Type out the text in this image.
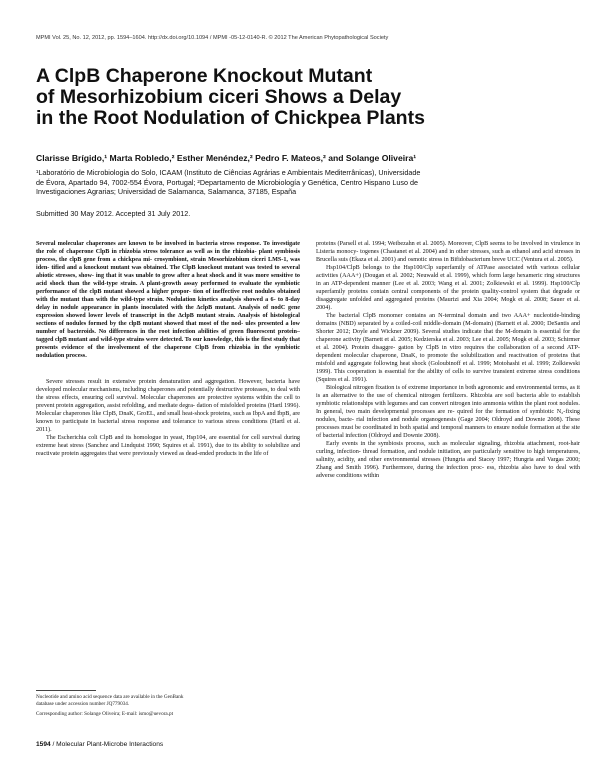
MPMI Vol. 25, No. 12, 2012, pp. 1594–1604. http://dx.doi.org/10.1094 / MPMI -05-12-0140-R. © 2012 The American Phytopathological Society
A ClpB Chaperone Knockout Mutant
of Mesorhizobium ciceri Shows a Delay
in the Root Nodulation of Chickpea Plants
Clarisse Brígido,¹ Marta Robledo,² Esther Menéndez,² Pedro F. Mateos,² and Solange Oliveira¹
¹Laboratório de Microbiologia do Solo, ICAAM (Instituto de Ciências Agrárias e Ambientais Mediterrânicas), Universidade
de Évora, Apartado 94, 7002-554 Évora, Portugal; ²Departamento de Microbiología y Genética, Centro Hispano Luso de
Investigaciones Agrarias; Universidad de Salamanca, Salamanca, 37185, España
Submitted 30 May 2012. Accepted 31 July 2012.

Several molecular chaperones are known to be involved in bacteria stress response. To investigate the role of chaperone ClpB in rhizobia stress tolerance as well as in the rhizobia- plant symbiosis process, the clpB gene from a chickpea mi- crosymbiont, strain Mesorhizobium ciceri LMS-1, was iden- tified and a knockout mutant was obtained. The ClpB knockout mutant was tested to several abiotic stresses, show- ing that it was unable to grow after a heat shock and it was more sensitive to acid shock than the wild-type strain. A plant-growth assay performed to evaluate the symbiotic performance of the clpB mutant showed a higher propor- tion of ineffective root nodules obtained with the mutant than with the wild-type strain. Nodulation kinetics analysis showed a 6- to 8-day delay in nodule appearance in plants inoculated with the ΔclpB mutant. Analysis of nodC gene expression showed lower levels of transcript in the ΔclpB mutant strain. Analysis of histological sections of nodules formed by the clpB mutant showed that most of the nod- ules presented a low number of bacteroids. No differences in the root infection abilities of green fluorescent protein– tagged clpB mutant and wild-type strains were detected. To our knowledge, this is the first study that presents evidence of the involvement of the chaperone ClpB from rhizobia in the symbiotic nodulation process.

Severe stresses result in extensive protein denaturation and aggregation. However, bacteria have developed molecular mechanisms, including chaperones and potentially destructive proteases, to deal with the stress effects, ensuring cell survival. Molecular chaperones are protective systems within the cell to prevent protein aggregation, assist refolding, and mediate degra- dation of misfolded proteins (Hartl 1996). Molecular chaperones like ClpB, DnaK, GroEL, and small heat-shock proteins, such as IbpA and IbpB, are known to participate in bacterial stress response and tolerance to various stress conditions (Hartl et al. 2011).

The Escherichia coli ClpB and its homologue in yeast, Hsp104, are essential for cell survival during extreme heat stress (Sanchez and Lindquist 1990; Squires et al. 1991), due to its ability to solubilize and reactivate protein aggregates that were previously viewed as dead-ended products in the life of

proteins (Parsell et al. 1994; Weibezahn et al. 2005). Moreover, ClpB seems to be involved in virulence in Listeria monocy- togenes (Chastanet et al. 2004) and in other stresses, such as ethanol and acid stresses in Brucella suis (Ekaza et al. 2001) and osmotic stress in Bifidobacterium breve UCC (Ventura et al. 2005).

Hsp104/ClpB belongs to the Hsp100/Clp superfamily of ATPase associated with various cellular activities (AAA+) (Dougan et al. 2002; Neuwald et al. 1999), which form large hexameric ring structures in an ATP-dependent manner (Lee et al. 2003; Wang et al. 2001; Zolkiewski et al. 1999). Hsp100/Clp superfamily proteins contain central components of the protein quality-control system that degrade or disaggregate unfolded and aggregated proteins (Maurizi and Xia 2004; Mogk et al. 2008; Sauer et al. 2004).

The bacterial ClpB monomer contains an N-terminal domain and two AAA+ nucleotide-binding domains (NBD) separated by a coiled-coil middle-domain (M-domain) (Barnett et al. 2000; DeSantis and Shorter 2012; Doyle and Wickner 2009). Several studies indicate that the M-domain is essential for the chaperone activity (Barnett et al. 2005; Kedzierska et al. 2003; Lee et al. 2005; Mogk et al. 2003; Schirmer et al. 2004). Protein disaggre- gation by ClpB in vitro requires the collaboration of a second ATP-dependent molecular chaperone, DnaK, to promote the solubilization and reactivation of proteins that misfold and aggregate following heat shock (Goloubinoff et al. 1999; Motohashi et al. 1999; Zolkiewski 1999). This cooperation is essential for the ability of cells to survive transient extreme stress conditions (Squires et al. 1991).

Biological nitrogen fixation is of extreme importance in both agronomic and environmental terms, as it is an alternative to the use of chemical nitrogen fertilizers. Rhizobia are soil bacteria able to establish symbiotic relationships with legumes and can convert nitrogen into ammonia within the plant root nodules. In general, two main developmental processes are re- quired for the formation of symbiotic N₂-fixing nodules, bacte- rial infection and nodule organogenesis (Gage 2004; Oldroyd and Downie 2008). These processes must be coordinated in both spatial and temporal manners to ensure nodule formation at the site of bacterial infection (Oldroyd and Downie 2008).

Early events in the symbiosis process, such as molecular signaling, rhizobia attachment, root-hair curling, infection- thread formation, and nodule initiation, are particularly sensitive to high temperatures, salinity, acidity, and other environmental stresses (Hungria and Stacey 1997; Hungria and Vargas 2000; Zhang and Smith 1996). Furthermore, during the infection proc- ess, rhizobia also have to deal with adverse conditions within

Nucleotide and amino acid sequence data are available in the GenBank
database under accession number JQ779034.

Corresponding author: Solange Oliveira; E-mail: ismo@uevora.pt

1594 / Molecular Plant-Microbe Interactions
